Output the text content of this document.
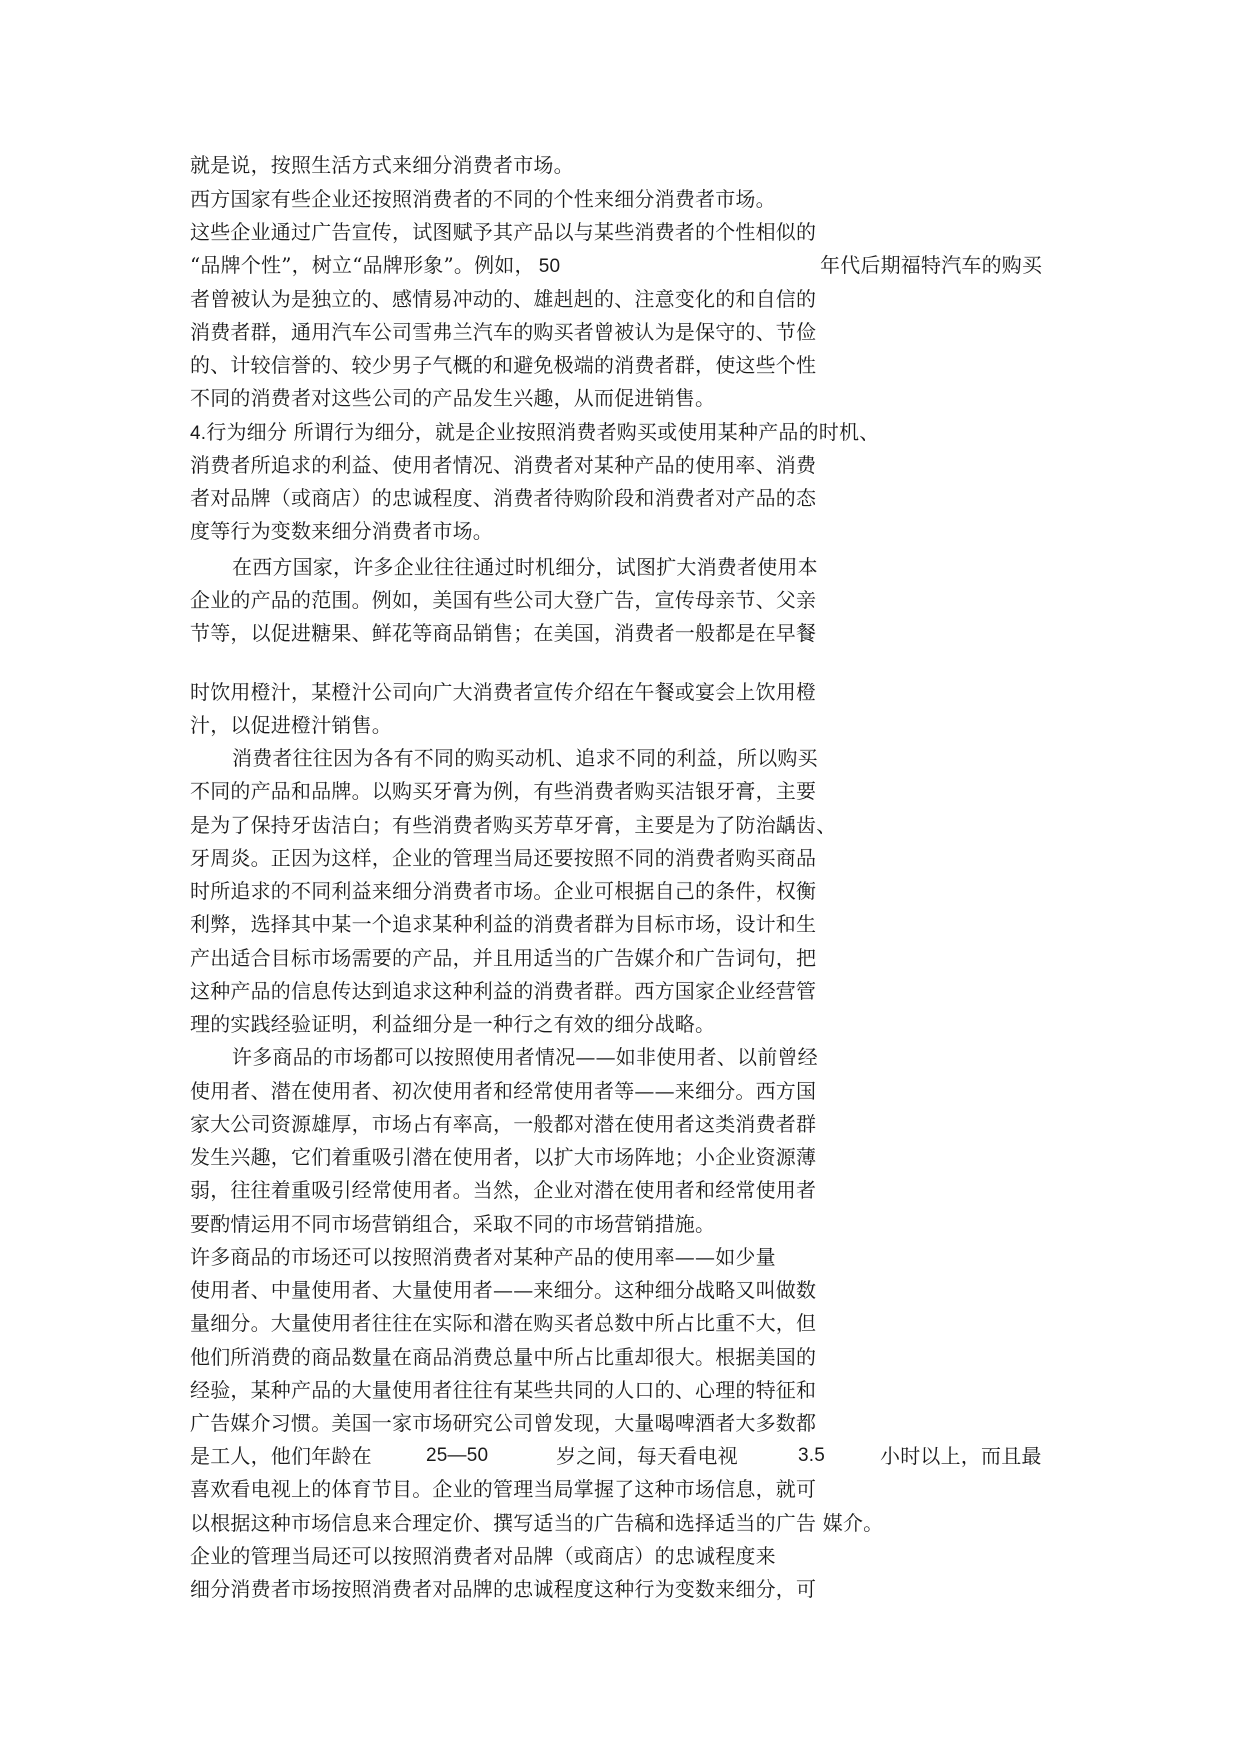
就是说，按照生活方式来细分消费者市场。
西方国家有些企业还按照消费者的不同的个性来细分消费者市场。
这些企业通过广告宣传，试图赋予其产品以与某些消费者的个性相似的
“品牌个性”，树立“品牌形象”。例如， 50	年代后期福特汽车的购买
者曾被认为是独立的、感情易冲动的、雄赳赳的、注意变化的和自信的
消费者群，通用汽车公司雪弗兰汽车的购买者曾被认为是保守的、节俭
的、计较信誉的、较少男子气概的和避免极端的消费者群，使这些个性
不同的消费者对这些公司的产品发生兴趣，从而促进销售。
4.行为细分 所谓行为细分，就是企业按照消费者购买或使用某种产品的时机、
消费者所追求的利益、使用者情况、消费者对某种产品的使用率、消费
者对品牌（或商店）的忠诚程度、消费者待购阶段和消费者对产品的态
度等行为变数来细分消费者市场。
在西方国家，许多企业往往通过时机细分，试图扩大消费者使用本
企业的产品的范围。例如，美国有些公司大登广告，宣传母亲节、父亲
节等，以促进糖果、鲜花等商品销售；在美国，消费者一般都是在早餐
时饮用橙汁，某橙汁公司向广大消费者宣传介绍在午餐或宴会上饮用橙
汁，以促进橙汁销售。
消费者往往因为各有不同的购买动机、追求不同的利益，所以购买
不同的产品和品牌。以购买牙膏为例，有些消费者购买洁银牙膏，主要
是为了保持牙齿洁白；有些消费者购买芳草牙膏，主要是为了防治龋齿、
牙周炎。正因为这样，企业的管理当局还要按照不同的消费者购买商品
时所追求的不同利益来细分消费者市场。企业可根据自己的条件，权衡
利弊，选择其中某一个追求某种利益的消费者群为目标市场，设计和生
产出适合目标市场需要的产品，并且用适当的广告媒介和广告词句，把
这种产品的信息传达到追求这种利益的消费者群。西方国家企业经营管
理的实践经验证明，利益细分是一种行之有效的细分战略。
许多商品的市场都可以按照使用者情况——如非使用者、以前曾经
使用者、潜在使用者、初次使用者和经常使用者等——来细分。西方国
家大公司资源雄厚，市场占有率高，一般都对潜在使用者这类消费者群
发生兴趣，它们着重吸引潜在使用者，以扩大市场阵地；小企业资源薄
弱，往往着重吸引经常使用者。当然，企业对潜在使用者和经常使用者
要酌情运用不同市场营销组合，采取不同的市场营销措施。
许多商品的市场还可以按照消费者对某种产品的使用率——如少量
使用者、中量使用者、大量使用者——来细分。这种细分战略又叫做数
量细分。大量使用者往往在实际和潜在购买者总数中所占比重不大，但
他们所消费的商品数量在商品消费总量中所占比重却很大。根据美国的
经验，某种产品的大量使用者往往有某些共同的人口的、心理的特征和
广告媒介习惯。美国一家市场研究公司曾发现，大量喝啤酒者大多数都
是工人，他们年龄在	25—50	岁之间，每天看电视	3.5	小时以上，而且最
喜欢看电视上的体育节目。企业的管理当局掌握了这种市场信息，就可
以根据这种市场信息来合理定价、撰写适当的广告稿和选择适当的广告 媒介。
企业的管理当局还可以按照消费者对品牌（或商店）的忠诚程度来
细分消费者市场按照消费者对品牌的忠诚程度这种行为变数来细分，可
